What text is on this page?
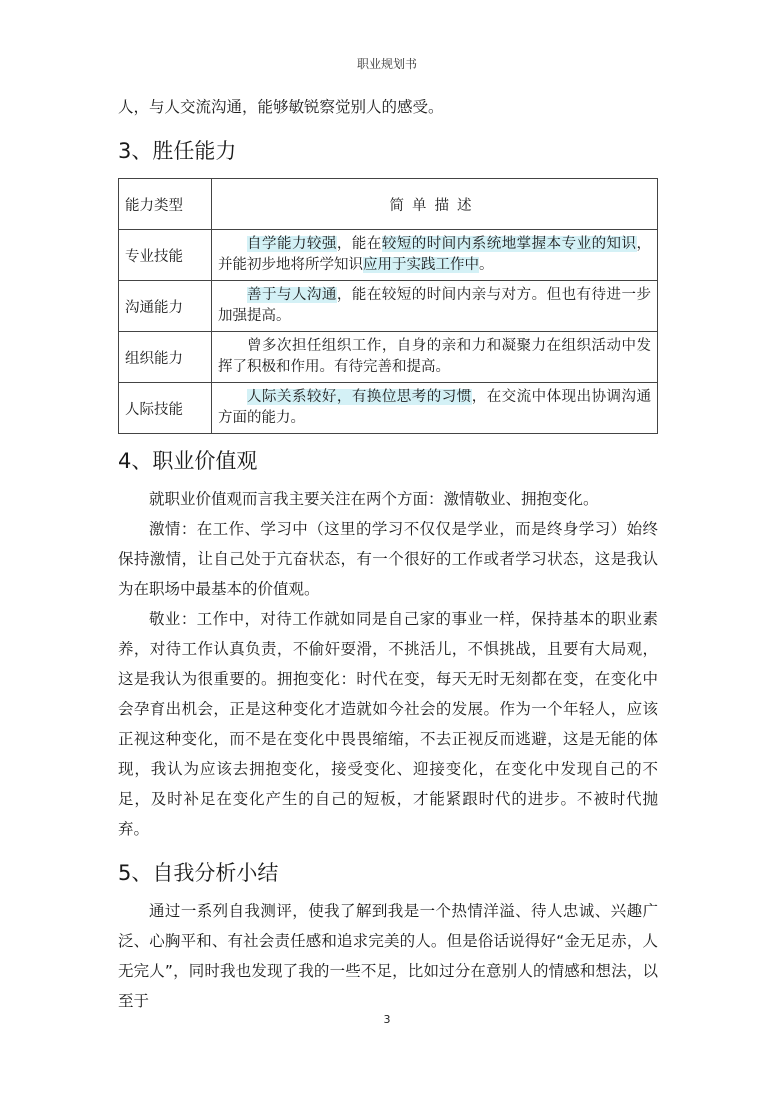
职业规划书

人，与人交流沟通，能够敏锐察觉别人的感受。

3、胜任能力
能力类型	简单描述
专业技能	自学能力较强，能在较短的时间内系统地掌握本专业的知识，并能初步地将所学知识应用于实践工作中。
沟通能力	善于与人沟通，能在较短的时间内亲与对方。但也有待进一步加强提高。
组织能力	曾多次担任组织工作，自身的亲和力和凝聚力在组织活动中发挥了积极和作用。有待完善和提高。
人际技能	人际关系较好，有换位思考的习惯，在交流中体现出协调沟通方面的能力。
4、职业价值观

就职业价值观而言我主要关注在两个方面：激情敬业、拥抱变化。

激情：在工作、学习中（这里的学习不仅仅是学业，而是终身学习）始终保持激情，让自己处于亢奋状态，有一个很好的工作或者学习状态，这是我认为在职场中最基本的价值观。

敬业：工作中，对待工作就如同是自己家的事业一样，保持基本的职业素养，对待工作认真负责，不偷奸耍滑，不挑活儿，不惧挑战，且要有大局观，这是我认为很重要的。拥抱变化：时代在变，每天无时无刻都在变，在变化中会孕育出机会，正是这种变化才造就如今社会的发展。作为一个年轻人，应该正视这种变化，而不是在变化中畏畏缩缩，不去正视反而逃避，这是无能的体现，我认为应该去拥抱变化，接受变化、迎接变化，在变化中发现自己的不足，及时补足在变化产生的自己的短板，才能紧跟时代的进步。不被时代抛弃。

5、自我分析小结

通过一系列自我测评，使我了解到我是一个热情洋溢、待人忠诚、兴趣广泛、心胸平和、有社会责任感和追求完美的人。但是俗话说得好“金无足赤，人无完人”，同时我也发现了我的一些不足，比如过分在意别人的情感和想法，以至于

3
